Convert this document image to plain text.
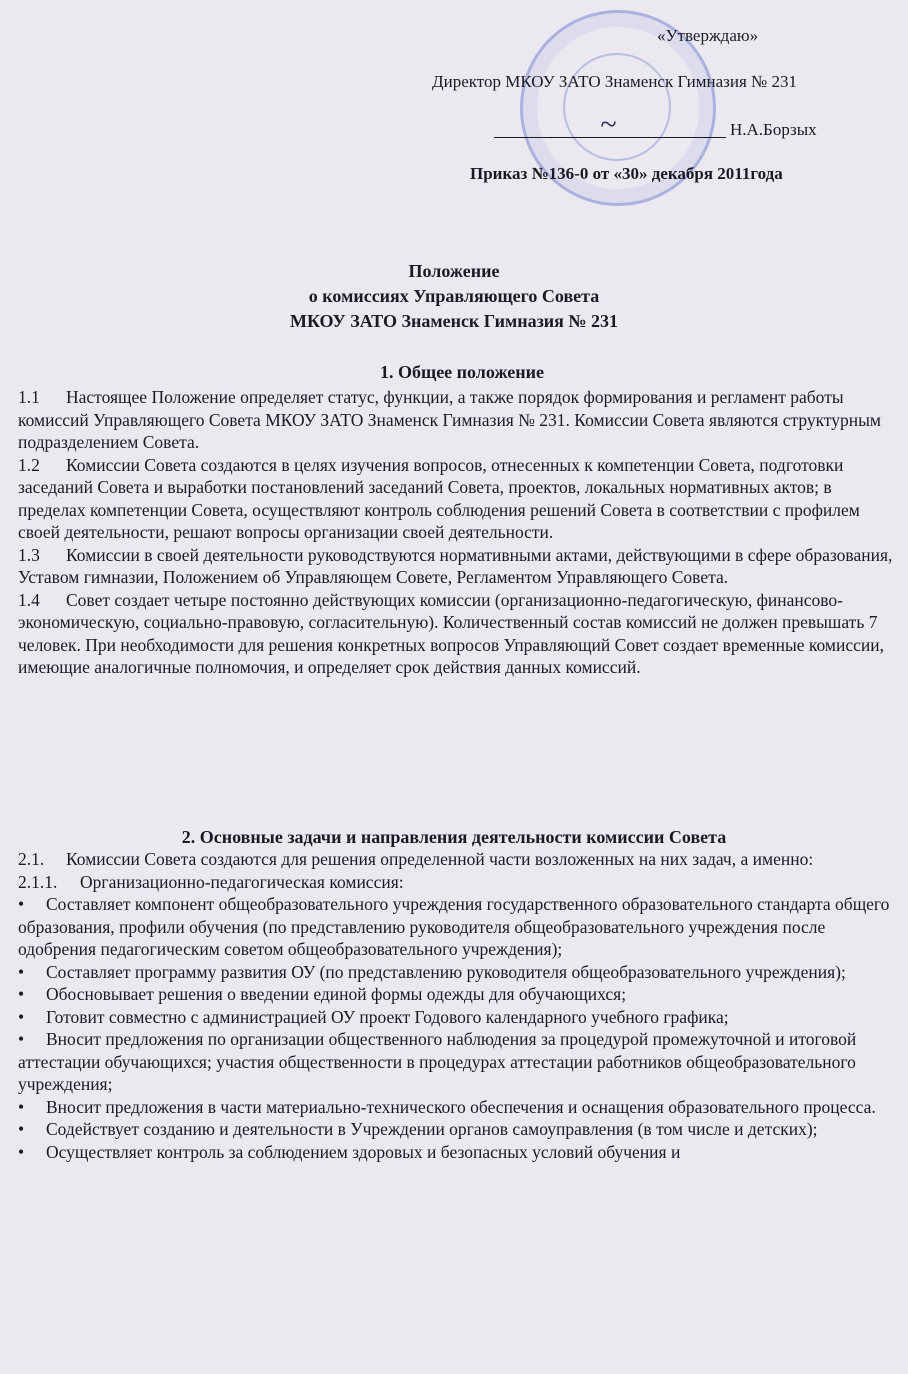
«Утверждаю»
Директор МКОУ ЗАТО Знаменск Гимназия № 231
~	Н.А.Борзых
Приказ №136-0 от «30» декабря 2011года
Положение
о комиссиях Управляющего Совета
МКОУ ЗАТО Знаменск Гимназия № 231
1. Общее положение

1.1 Настоящее Положение определяет статус, функции, а также порядок формирования и регламент работы комиссий Управляющего Совета МКОУ ЗАТО Знаменск Гимназия № 231. Комиссии Совета являются структурным подразделением Совета.

1.2 Комиссии Совета создаются в целях изучения вопросов, отнесенных к компетенции Совета, подготовки заседаний Совета и выработки постановлений заседаний Совета, проектов, локальных нормативных актов; в пределах компетенции Совета, осуществляют контроль соблюдения решений Совета в соответствии с профилем своей деятельности, решают вопросы организации своей деятельности.

1.3 Комиссии в своей деятельности руководствуются нормативными актами, действующими в сфере образования, Уставом гимназии, Положением об Управляющем Совете, Регламентом Управляющего Совета.

1.4 Совет создает четыре постоянно действующих комиссии (организационно-педагогическую, финансово-экономическую, социально-правовую, согласительную). Количественный состав комиссий не должен превышать 7 человек. При необходимости для решения конкретных вопросов Управляющий Совет создает временные комиссии, имеющие аналогичные полномочия, и определяет срок действия данных комиссий.

2. Основные задачи и направления деятельности комиссии Совета

2.1. Комиссии Совета создаются для решения определенной части возложенных на них задач, а именно:

2.1.1. Организационно-педагогическая комиссия:

• Составляет компонент общеобразовательного учреждения государственного образовательного стандарта общего образования, профили обучения (по представлению руководителя общеобразовательного учреждения после одобрения педагогическим советом общеобразовательного учреждения);

• Составляет программу развития ОУ (по представлению руководителя общеобразовательного учреждения);

• Обосновывает решения о введении единой формы одежды для обучающихся;

• Готовит совместно с администрацией ОУ проект Годового календарного учебного графика;

• Вносит предложения по организации общественного наблюдения за процедурой промежуточной и итоговой аттестации обучающихся; участия общественности в процедурах аттестации работников общеобразовательного учреждения;

• Вносит предложения в части материально-технического обеспечения и оснащения образовательного процесса.

• Содействует созданию и деятельности в Учреждении органов самоуправления (в том числе и детских);

• Осуществляет контроль за соблюдением здоровых и безопасных условий обучения и
